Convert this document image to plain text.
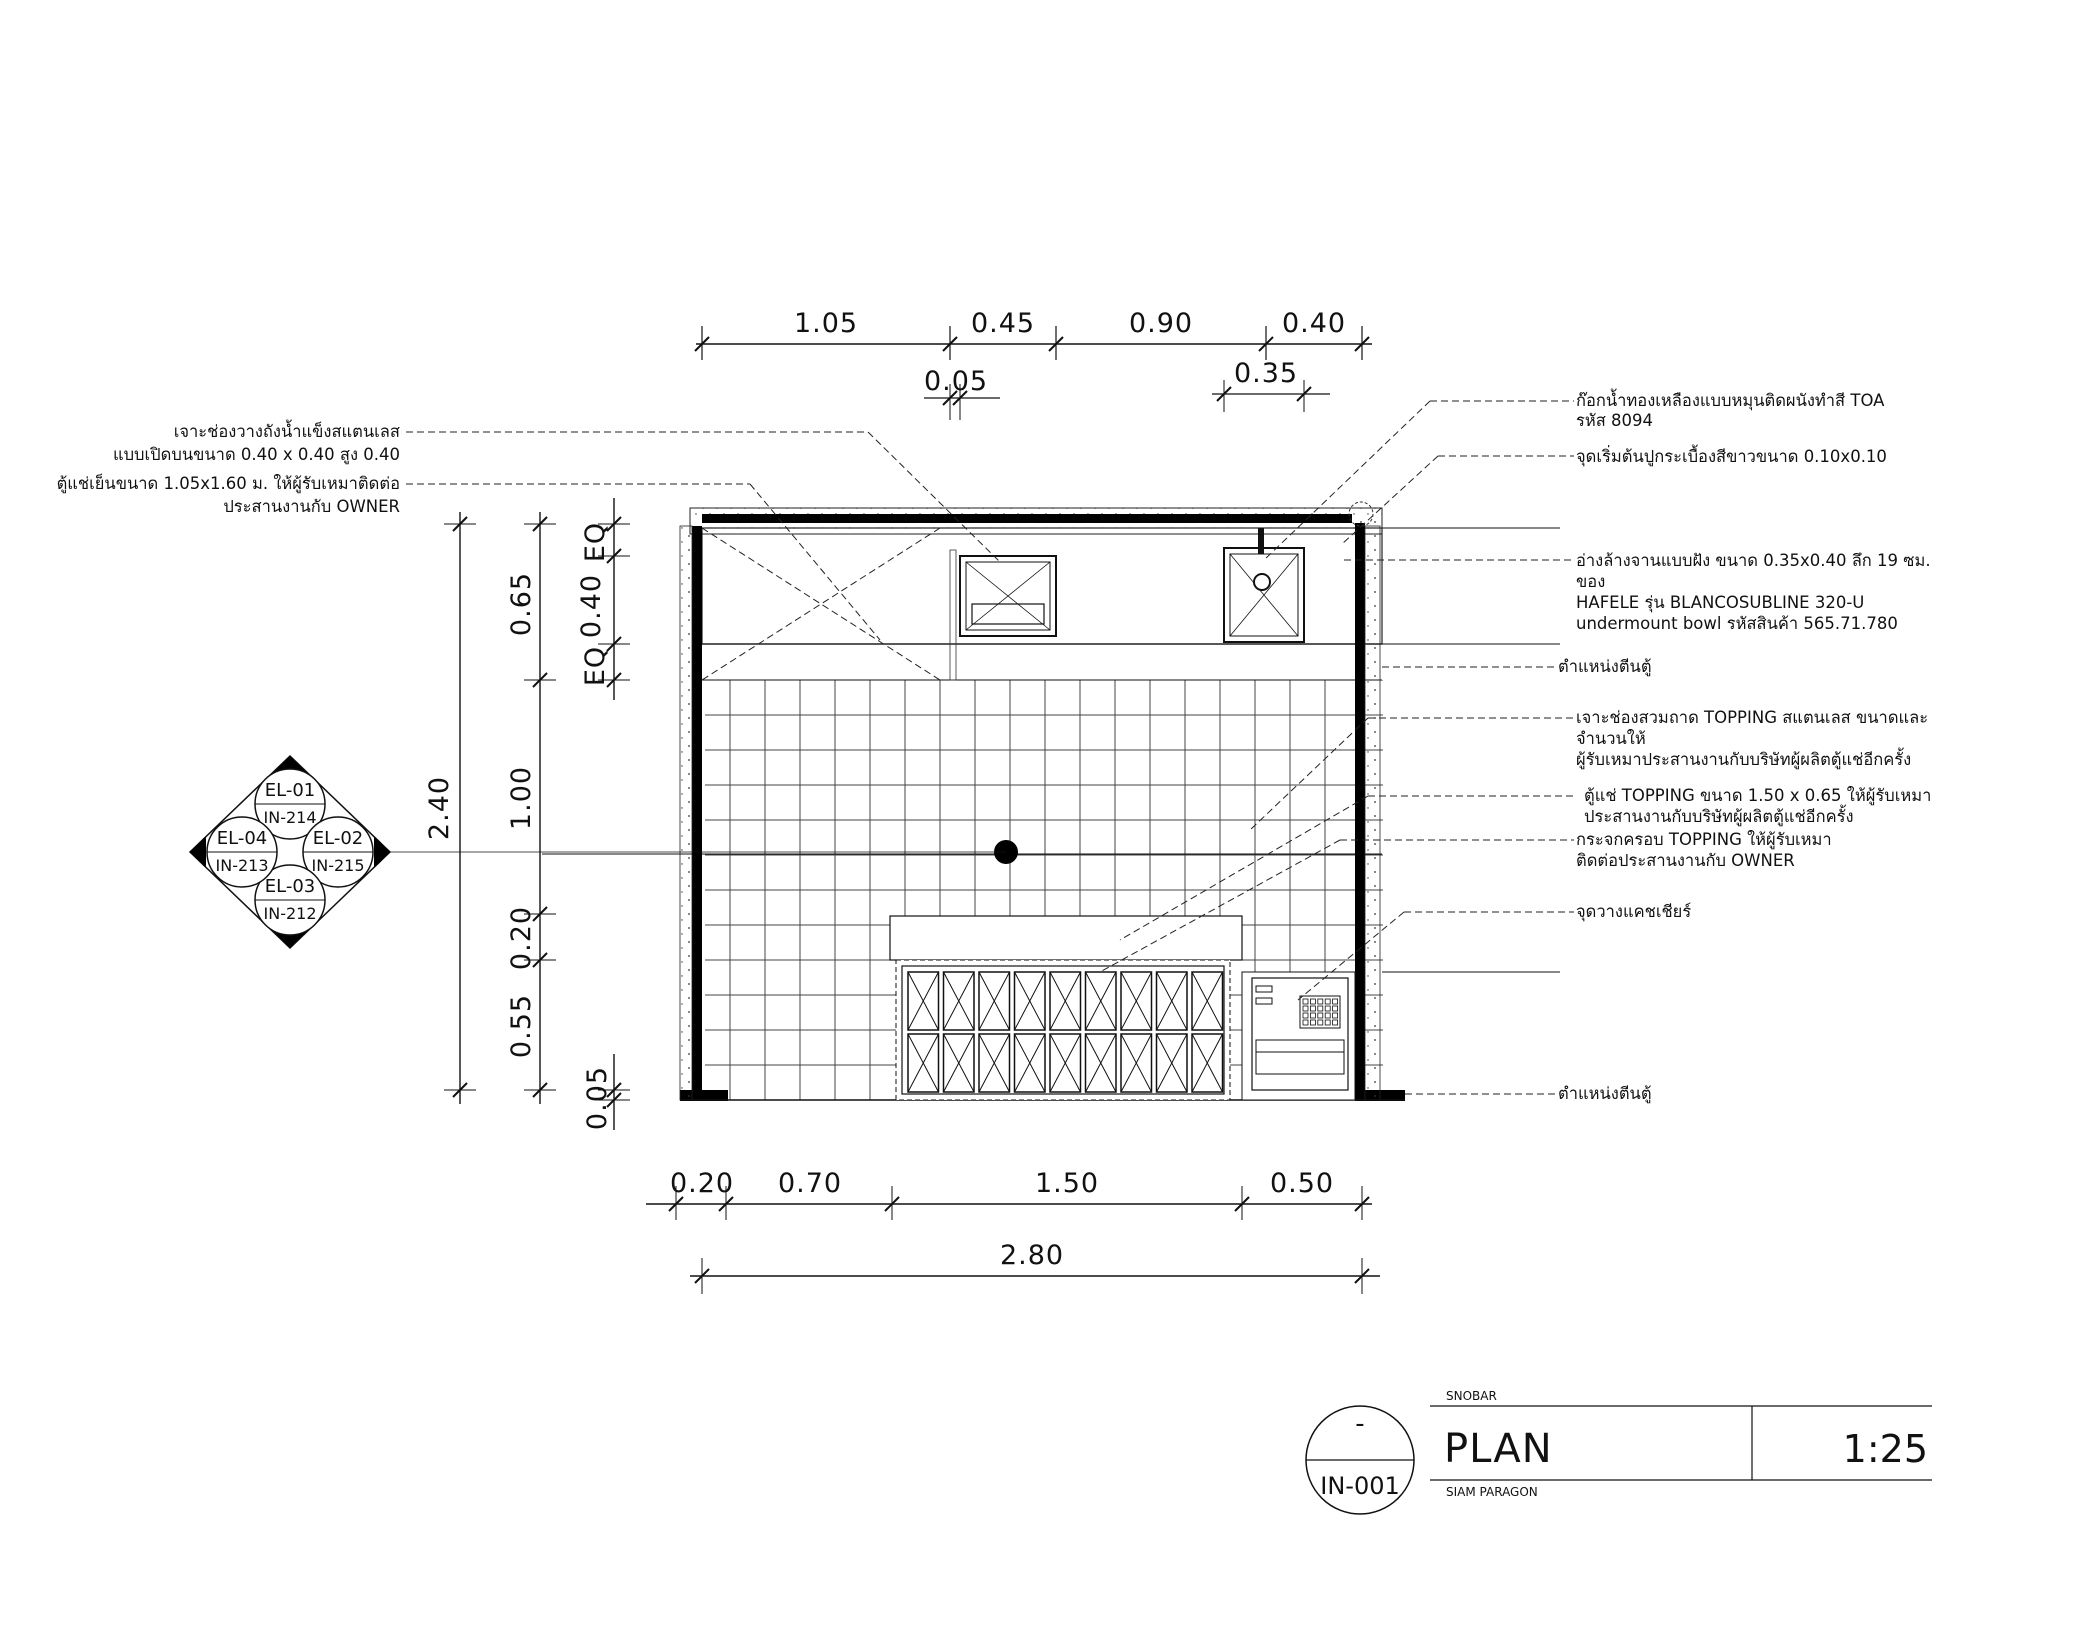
1.05	0.45	0.90	0.40
0.05	0.35
2.40
0.65
1.00
0.20
0.55
EQ
0.40
EQ
0.05
0.20 0.70	1.50	0.50
2.80
เจาะช่องวางถังน้ำแข็งสแตนเลส
แบบเปิดบนขนาด 0.40 x 0.40 สูง 0.40
ตู้แช่เย็นขนาด 1.05x1.60 ม. ให้ผู้รับเหมาติดต่อ
ประสานงานกับ OWNER
ก๊อกน้ำทองเหลืองแบบหมุนติดผนังทำสี TOA
รหัส 8094
จุดเริ่มต้นปูกระเบื้องสีขาวขนาด 0.10x0.10
อ่างล้างจานแบบฝัง ขนาด 0.35x0.40 ลึก 19 ซม.
ของ
HAFELE รุ่น BLANCOSUBLINE 320-U
undermount bowl รหัสสินค้า 565.71.780
ตำแหน่งตีนตู้
เจาะช่องสวมถาด TOPPING สแตนเลส ขนาดและ
จำนวนให้
ผู้รับเหมาประสานงานกับบริษัทผู้ผลิตตู้แช่อีกครั้ง
ตู้แช่ TOPPING ขนาด 1.50 x 0.65 ให้ผู้รับเหมา
ประสานงานกับบริษัทผู้ผลิตตู้แช่อีกครั้ง
กระจกครอบ TOPPING ให้ผู้รับเหมา
ติดต่อประสานงานกับ OWNER
จุดวางแคชเชียร์
ตำแหน่งตีนตู้
EL-01
IN-214
EL-02
IN-215
EL-03
IN-212
EL-04
IN-213
-
IN-001
SNOBAR
PLAN
SIAM PARAGON
1:25
